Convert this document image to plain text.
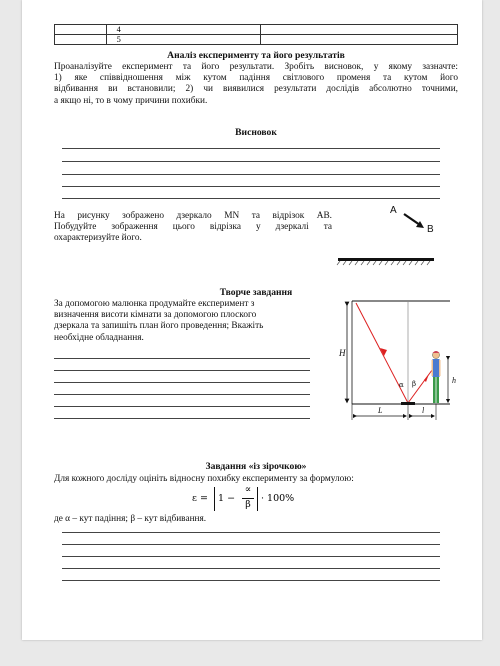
	4	
	5	
Аналіз експерименту та його результатів
Проаналізуйте експеримент та його результати. Зробіть висновок, у якому зазначте:
1) яке співвідношення між кутом падіння світлового променя та кутом його
відбивання ви встановили; 2) чи виявилися результати дослідів абсолютно точними,
а якщо ні, то в чому причини похибки.
Висновок
На рисунку зображено дзеркало MN та відрізок AB.
Побудуйте зображення цього відрізка у дзеркалі та
охарактеризуйте його.
A
B
Творче завдання
За допомогою малюнка продумайте експеримент з
визначення висоти кімнати за допомогою плоского
дзеркала та запишіть план його проведення; Вкажіть
необхідне обладнання.
H
α β	h
L	l
Завдання «із зірочкою»
Для кожного досліду оцініть відносну похибку експерименту за формулою:
ε = 1 −
∝
β
· 100%
де α – кут падіння; β – кут відбивання.
